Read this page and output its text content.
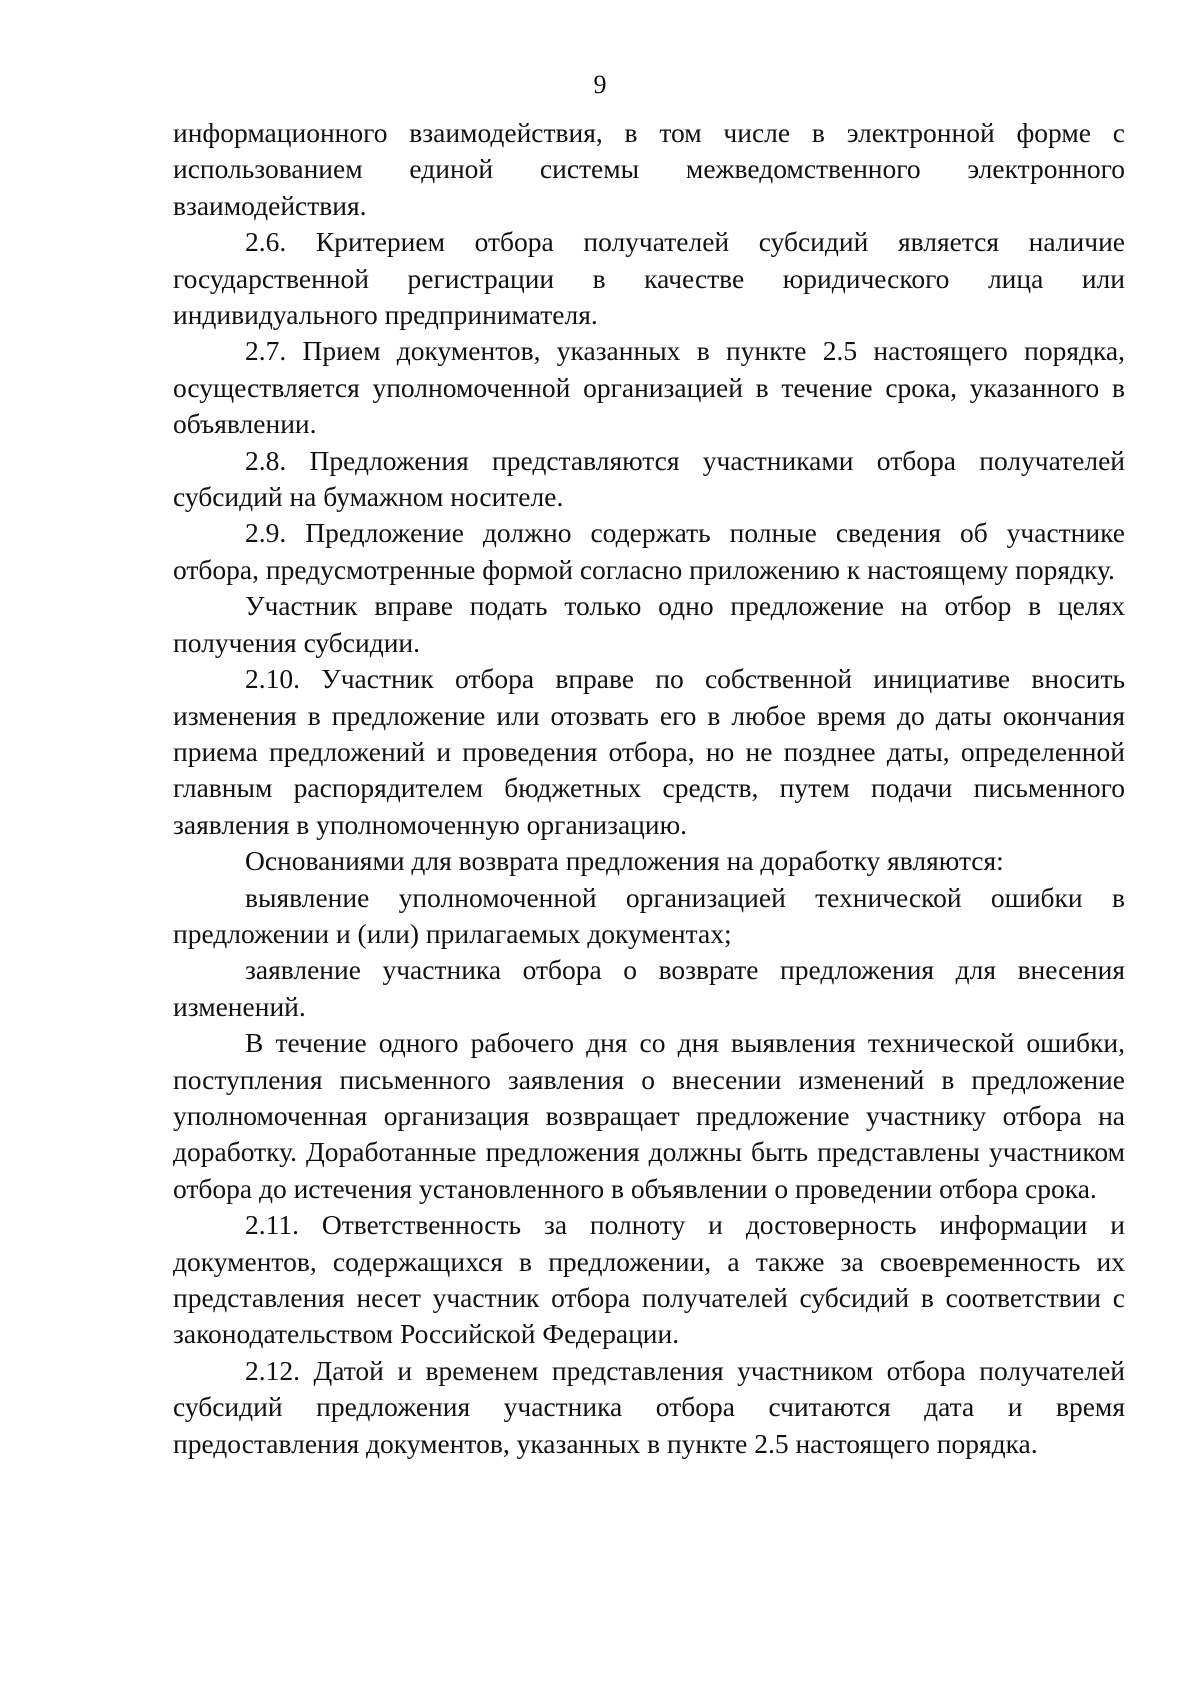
9

информационного взаимодействия, в том числе в электронной форме с использованием единой системы межведомственного электронного взаимодействия.

2.6. Критерием отбора получателей субсидий является наличие государственной регистрации в качестве юридического лица или индивидуального предпринимателя.

2.7. Прием документов, указанных в пункте 2.5 настоящего порядка, осуществляется уполномоченной организацией в течение срока, указанного в объявлении.

2.8. Предложения представляются участниками отбора получателей субсидий на бумажном носителе.

2.9. Предложение должно содержать полные сведения об участнике отбора, предусмотренные формой согласно приложению к настоящему порядку.

Участник вправе подать только одно предложение на отбор в целях получения субсидии.

2.10. Участник отбора вправе по собственной инициативе вносить изменения в предложение или отозвать его в любое время до даты окончания приема предложений и проведения отбора, но не позднее даты, определенной главным распорядителем бюджетных средств, путем подачи письменного заявления в уполномоченную организацию.

Основаниями для возврата предложения на доработку являются:

выявление уполномоченной организацией технической ошибки в предложении и (или) прилагаемых документах;

заявление участника отбора о возврате предложения для внесения изменений.

В течение одного рабочего дня со дня выявления технической ошибки, поступления письменного заявления о внесении изменений в предложение уполномоченная организация возвращает предложение участнику отбора на доработку. Доработанные предложения должны быть представлены участником отбора до истечения установленного в объявлении о проведении отбора срока.

2.11. Ответственность за полноту и достоверность информации и документов, содержащихся в предложении, а также за своевременность их представления несет участник отбора получателей субсидий в соответствии с законодательством Российской Федерации.

2.12. Датой и временем представления участником отбора получателей субсидий предложения участника отбора считаются дата и время предоставления документов, указанных в пункте 2.5 настоящего порядка.
